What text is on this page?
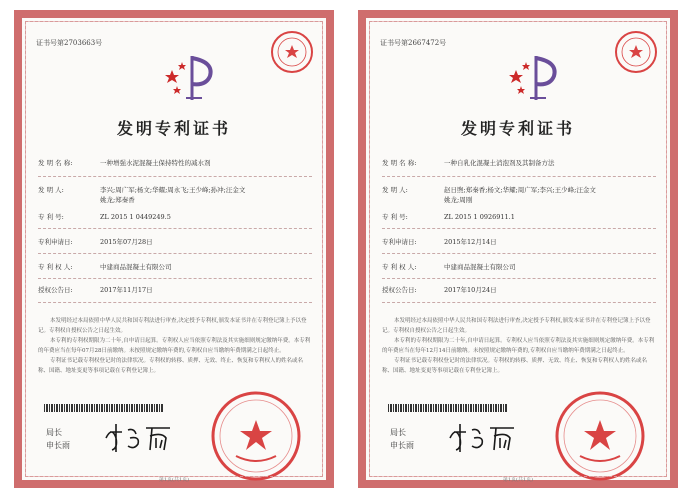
证书号第2703663号
发明专利证书
发 明 名 称:	一种增强水泥混凝土保持特性的减水剂
发 明 人:	李兴;周广军;杨文;华耀;周永飞;王少峰;孙冲;汪金文
姚龙;郑秦香
专 利 号:	ZL 2015 1 0449249.5
专利申请日:	2015年07月28日
专 利 权 人:	中建商品混凝土有限公司
授权公告日:	2017年11月17日

本发明经过本局依照中华人民共和国专利法进行审查,决定授予专利权,颁发本证书并在专利登记簿上予以登记。专利权自授权公告之日起生效。

本专利的专利权期限为二十年,自申请日起算。专利权人应当依照专利法及其实施细则规定缴纳年费。本专利的年费应当在每年07月28日前缴纳。未按照规定缴纳年费的,专利权自应当缴纳年费期满之日起终止。

专利证书记载专利权登记时的法律状况。专利权的转移、质押、无效、终止、恢复和专利权人的姓名或名称、国籍、地址变更等事项记载在专利登记簿上。

局长
申长雨
第1页(共1页)
证书号第2667472号
发明专利证书
发 明 名 称:	一种自乳化混凝土消泡剂及其制备方法
发 明 人:	赵日煦;郑秦香;杨文;华耀;周广军;李兴;王少峰;汪金文
姚龙;周刚
专 利 号:	ZL 2015 1 0926911.1
专利申请日:	2015年12月14日
专 利 权 人:	中建商品混凝土有限公司
授权公告日:	2017年10月24日

本发明经过本局依照中华人民共和国专利法进行审查,决定授予专利权,颁发本证书并在专利登记簿上予以登记。专利权自授权公告之日起生效。

本专利的专利权期限为二十年,自申请日起算。专利权人应当依照专利法及其实施细则规定缴纳年费。本专利的年费应当在每年12月14日前缴纳。未按照规定缴纳年费的,专利权自应当缴纳年费期满之日起终止。

专利证书记载专利权登记时的法律状况。专利权的转移、质押、无效、终止、恢复和专利权人的姓名或名称、国籍、地址变更等事项记载在专利登记簿上。

局长
申长雨
第1页(共1页)
